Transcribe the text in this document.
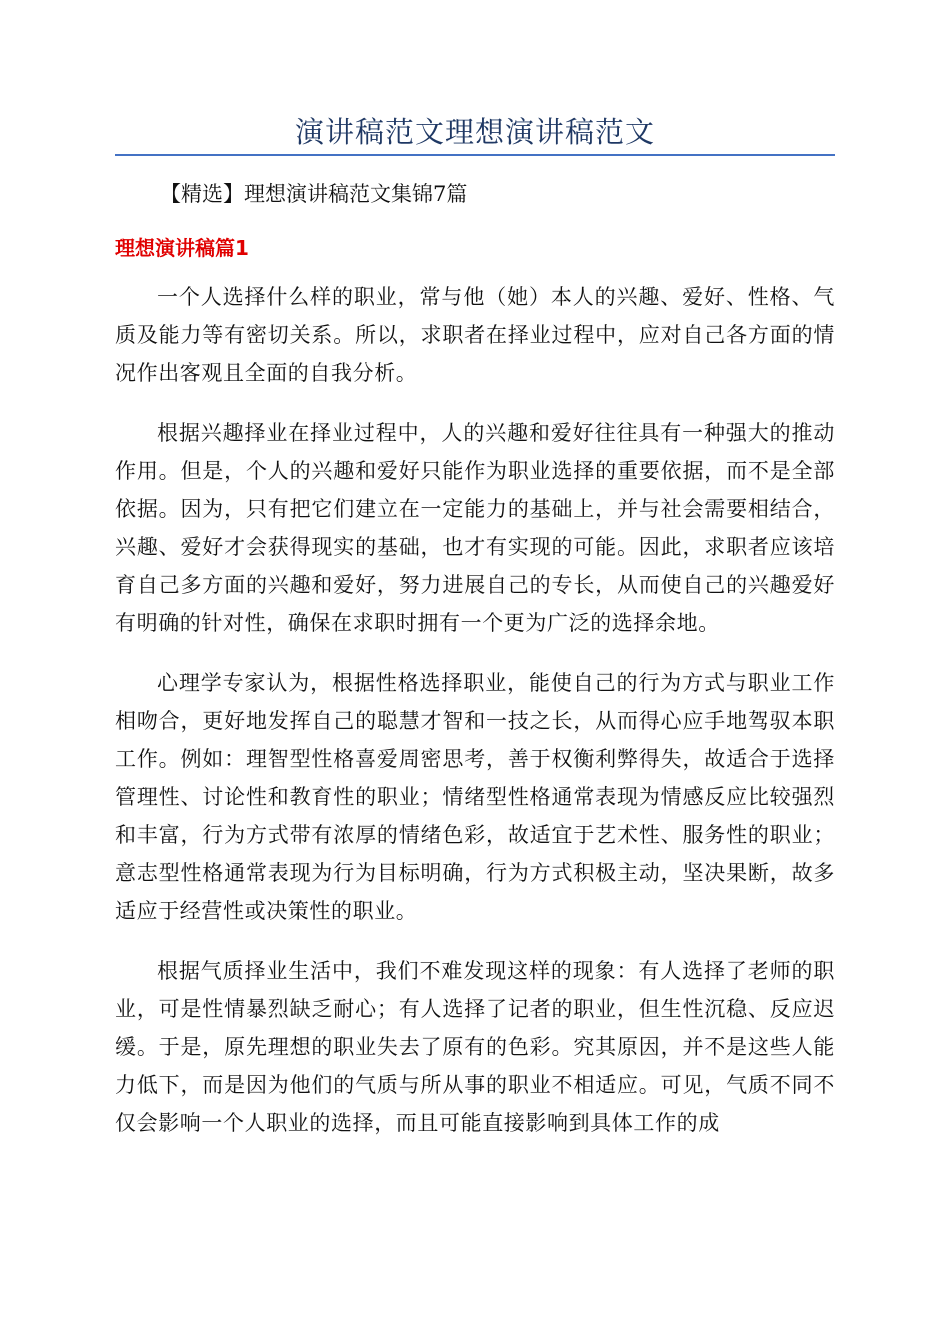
演讲稿范文理想演讲稿范文

【精选】理想演讲稿范文集锦7篇

理想演讲稿篇1

一个人选择什么样的职业，常与他（她）本人的兴趣、爱好、性格、气质及能力等有密切关系。所以，求职者在择业过程中，应对自己各方面的情况作出客观且全面的自我分析。

根据兴趣择业在择业过程中，人的兴趣和爱好往往具有一种强大的推动作用。但是，个人的兴趣和爱好只能作为职业选择的重要依据，而不是全部依据。因为，只有把它们建立在一定能力的基础上，并与社会需要相结合，兴趣、爱好才会获得现实的基础，也才有实现的可能。因此，求职者应该培育自己多方面的兴趣和爱好，努力进展自己的专长，从而使自己的兴趣爱好有明确的针对性，确保在求职时拥有一个更为广泛的选择余地。

心理学专家认为，根据性格选择职业，能使自己的行为方式与职业工作相吻合，更好地发挥自己的聪慧才智和一技之长，从而得心应手地驾驭本职工作。例如：理智型性格喜爱周密思考，善于权衡利弊得失，故适合于选择管理性、讨论性和教育性的职业；情绪型性格通常表现为情感反应比较强烈和丰富，行为方式带有浓厚的情绪色彩，故适宜于艺术性、服务性的职业；意志型性格通常表现为行为目标明确，行为方式积极主动，坚决果断，故多适应于经营性或决策性的职业。

根据气质择业生活中，我们不难发现这样的现象：有人选择了老师的职业，可是性情暴烈缺乏耐心；有人选择了记者的职业，但生性沉稳、反应迟缓。于是，原先理想的职业失去了原有的色彩。究其原因，并不是这些人能力低下，而是因为他们的气质与所从事的职业不相适应。可见，气质不同不仅会影响一个人职业的选择，而且可能直接影响到具体工作的成
